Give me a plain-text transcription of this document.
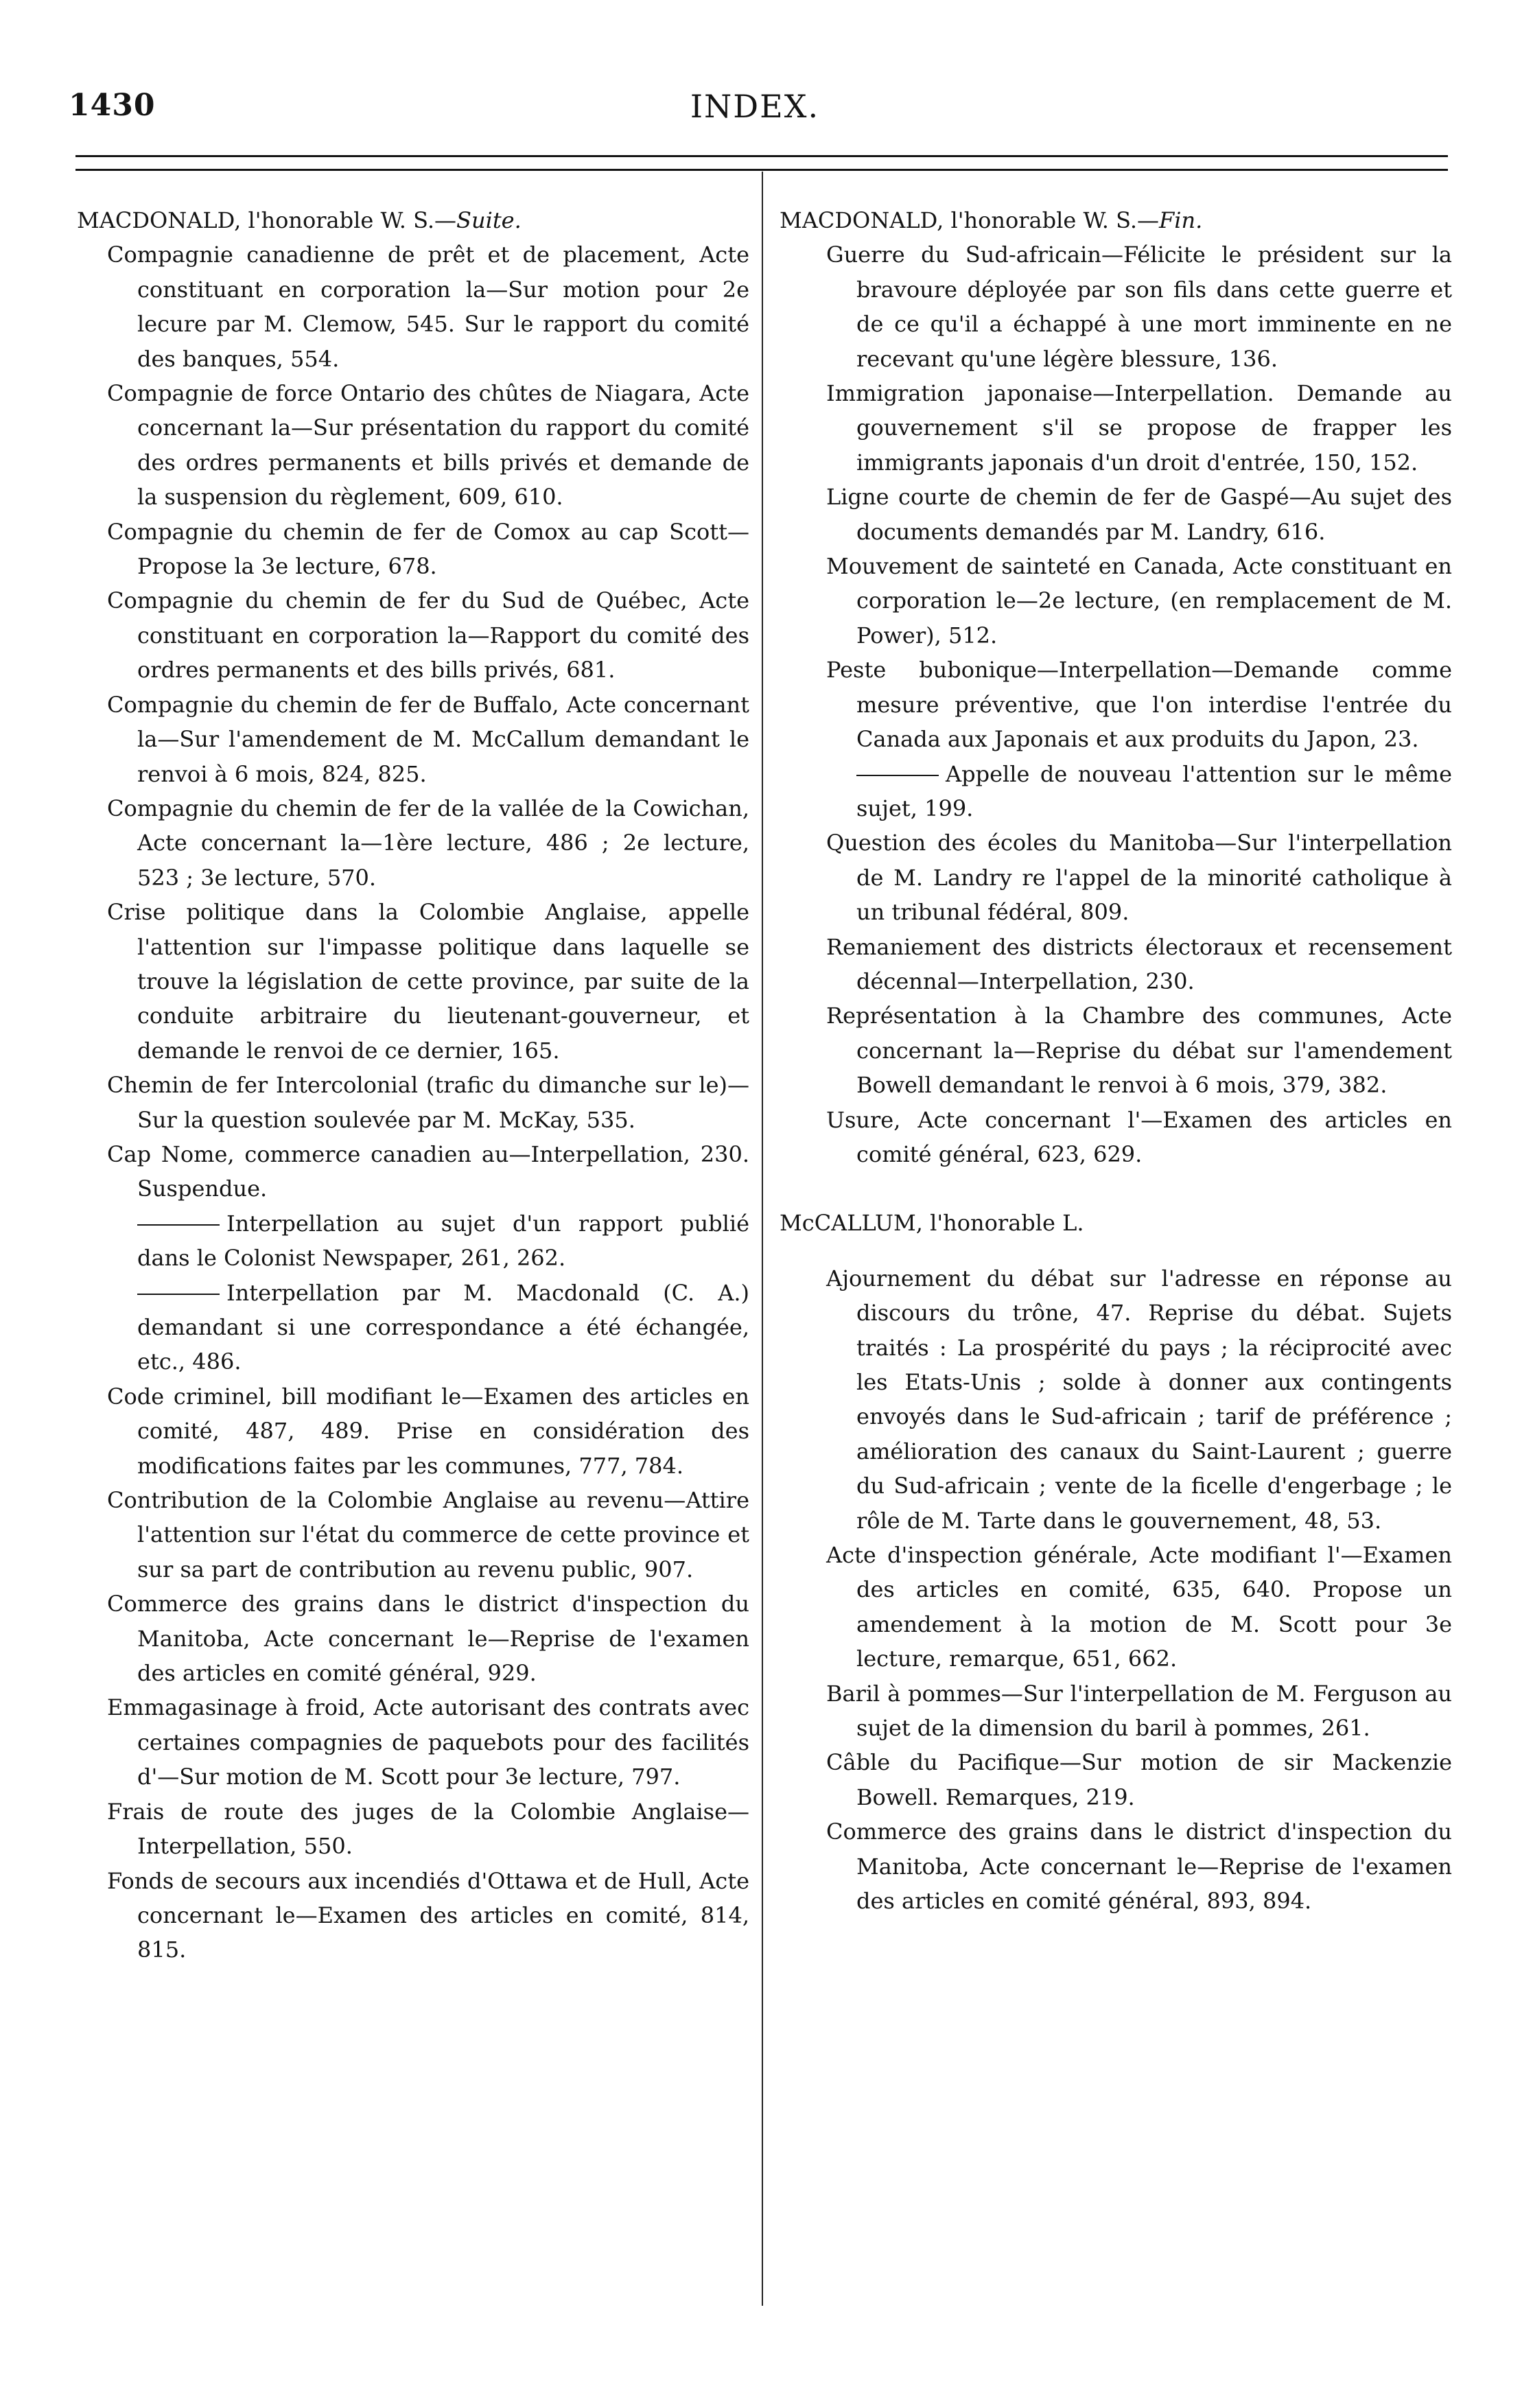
INDEX.
1430

MACDONALD, l'honorable W. S.—Suite.

Compagnie canadienne de prêt et de placement, Acte constituant en corporation la—Sur motion pour 2e lecure par M. Clemow, 545. Sur le rapport du comité des banques, 554.

Compagnie de force Ontario des chûtes de Niagara, Acte concernant la—Sur présentation du rapport du comité des ordres permanents et bills privés et demande de la suspension du règlement, 609, 610.

Compagnie du chemin de fer de Comox au cap Scott—Propose la 3e lecture, 678.

Compagnie du chemin de fer du Sud de Québec, Acte constituant en corporation la—Rapport du comité des ordres permanents et des bills privés, 681.

Compagnie du chemin de fer de Buffalo, Acte concernant la—Sur l'amendement de M. McCallum demandant le renvoi à 6 mois, 824, 825.

Compagnie du chemin de fer de la vallée de la Cowichan, Acte concernant la—1ère lecture, 486 ; 2e lecture, 523 ; 3e lecture, 570.

Crise politique dans la Colombie Anglaise, appelle l'attention sur l'impasse politique dans laquelle se trouve la législation de cette province, par suite de la conduite arbitraire du lieutenant-gouverneur, et demande le renvoi de ce dernier, 165.

Chemin de fer Intercolonial (trafic du dimanche sur le)—Sur la question soulevée par M. McKay, 535.

Cap Nome, commerce canadien au—Interpellation, 230. Suspendue.

Interpellation au sujet d'un rapport publié dans le Colonist Newspaper, 261, 262.

Interpellation par M. Macdonald (C. A.) demandant si une correspondance a été échangée, etc., 486.

Code criminel, bill modifiant le—Examen des articles en comité, 487, 489. Prise en considération des modifications faites par les communes, 777, 784.

Contribution de la Colombie Anglaise au revenu—Attire l'attention sur l'état du commerce de cette province et sur sa part de contribution au revenu public, 907.

Commerce des grains dans le district d'inspection du Manitoba, Acte concernant le—Reprise de l'examen des articles en comité général, 929.

Emmagasinage à froid, Acte autorisant des contrats avec certaines compagnies de paquebots pour des facilités d'—Sur motion de M. Scott pour 3e lecture, 797.

Frais de route des juges de la Colombie Anglaise—Interpellation, 550.

Fonds de secours aux incendiés d'Ottawa et de Hull, Acte concernant le—Examen des articles en comité, 814, 815.

MACDONALD, l'honorable W. S.—Fin.

Guerre du Sud-africain—Félicite le président sur la bravoure déployée par son fils dans cette guerre et de ce qu'il a échappé à une mort imminente en ne recevant qu'une légère blessure, 136.

Immigration japonaise—Interpellation. Demande au gouvernement s'il se propose de frapper les immigrants japonais d'un droit d'entrée, 150, 152.

Ligne courte de chemin de fer de Gaspé—Au sujet des documents demandés par M. Landry, 616.

Mouvement de sainteté en Canada, Acte constituant en corporation le—2e lecture, (en remplacement de M. Power), 512.

Peste bubonique—Interpellation—Demande comme mesure préventive, que l'on interdise l'entrée du Canada aux Japonais et aux produits du Japon, 23.

Appelle de nouveau l'attention sur le même sujet, 199.

Question des écoles du Manitoba—Sur l'interpellation de M. Landry re l'appel de la minorité catholique à un tribunal fédéral, 809.

Remaniement des districts électoraux et recensement décennal—Interpellation, 230.

Représentation à la Chambre des communes, Acte concernant la—Reprise du débat sur l'amendement Bowell demandant le renvoi à 6 mois, 379, 382.

Usure, Acte concernant l'—Examen des articles en comité général, 623, 629.

McCALLUM, l'honorable L.

Ajournement du débat sur l'adresse en réponse au discours du trône, 47. Reprise du débat. Sujets traités : La prospérité du pays ; la réciprocité avec les Etats-Unis ; solde à donner aux contingents envoyés dans le Sud-africain ; tarif de préférence ; amélioration des canaux du Saint-Laurent ; guerre du Sud-africain ; vente de la ficelle d'engerbage ; le rôle de M. Tarte dans le gouvernement, 48, 53.

Acte d'inspection générale, Acte modifiant l'—Examen des articles en comité, 635, 640. Propose un amendement à la motion de M. Scott pour 3e lecture, remarque, 651, 662.

Baril à pommes—Sur l'interpellation de M. Ferguson au sujet de la dimension du baril à pommes, 261.

Câble du Pacifique—Sur motion de sir Mackenzie Bowell. Remarques, 219.

Commerce des grains dans le district d'inspection du Manitoba, Acte concernant le—Reprise de l'examen des articles en comité général, 893, 894.
